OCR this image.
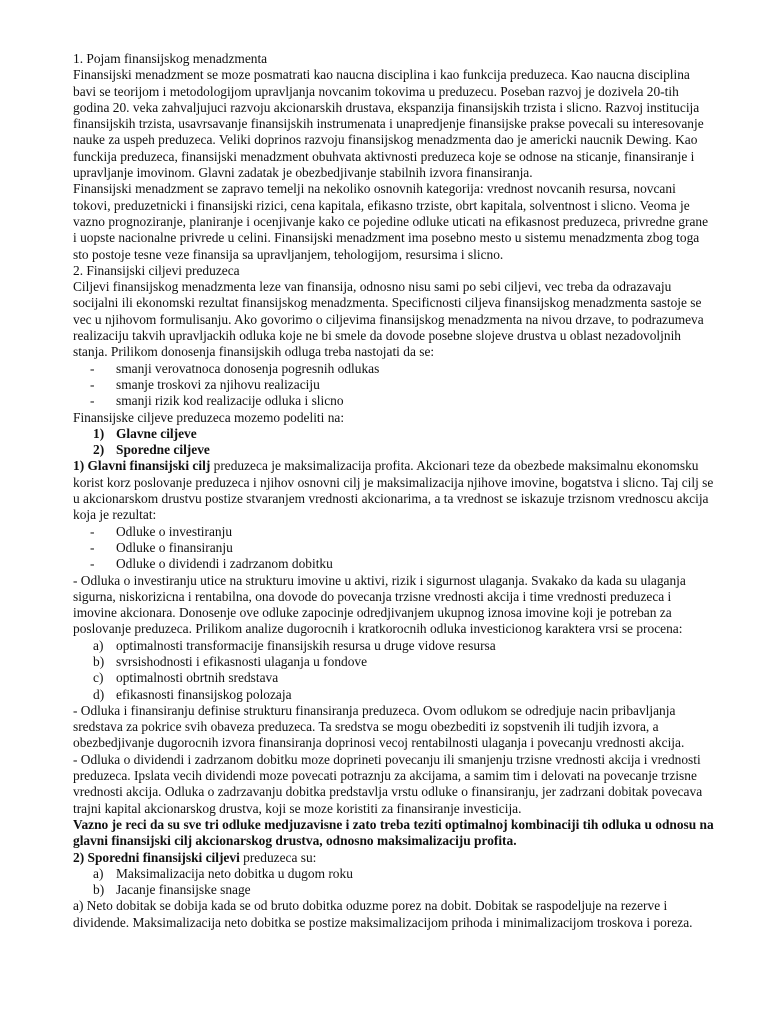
1. Pojam finansijskog menadzmenta

Finansijski menadzment se moze posmatrati kao naucna disciplina i kao funkcija preduzeca. Kao naucna disciplina bavi se teorijom i metodologijom upravljanja novcanim tokovima u preduzecu. Poseban razvoj je dozivela 20-tih godina 20. veka zahvaljujuci razvoju akcionarskih drustava, ekspanzija finansijskih trzista i slicno. Razvoj institucija finansijskih trzista, usavrsavanje finansijskih instrumenata i unapredjenje finansijske prakse povecali su interesovanje nauke za uspeh preduzeca. Veliki doprinos razvoju finansijskog menadzmenta dao je americki naucnik Dewing. Kao funckija preduzeca, finansijski menadzment obuhvata aktivnosti preduzeca koje se odnose na sticanje, finansiranje i upravljanje imovinom. Glavni zadatak je obezbedjivanje stabilnih izvora finansiranja.

Finansijski menadzment se zapravo temelji na nekoliko osnovnih kategorija: vrednost novcanih resursa, novcani tokovi, preduzetnicki i finansijski rizici, cena kapitala, efikasno trziste, obrt kapitala, solventnost i slicno. Veoma je vazno prognoziranje, planiranje i ocenjivanje kako ce pojedine odluke uticati na efikasnost preduzeca, privredne grane i uopste nacionalne privrede u celini. Finansijski menadzment ima posebno mesto u sistemu menadzmenta zbog toga sto postoje tesne veze finansija sa upravljanjem, tehologijom, resursima i slicno.

2. Finansijski ciljevi preduzeca

Ciljevi finansijskog menadzmenta leze van finansija, odnosno nisu sami po sebi ciljevi, vec treba da odrazavaju socijalni ili ekonomski rezultat finansijskog menadzmenta. Specificnosti ciljeva finansijskog menadzmenta sastoje se vec u njihovom formulisanju. Ako govorimo o ciljevima finansijskog menadzmenta na nivou drzave, to podrazumeva realizaciju takvih upravljackih odluka koje ne bi smele da dovode posebne slojeve drustva u oblast nezadovoljnih stanja. Prilikom donosenja finansijskih odluga treba nastojati da se:

- smanji verovatnoca donosenja pogresnih odlukas
- smanje troskovi za njihovu realizaciju
- smanji rizik kod realizacije odluka i slicno

Finansijske ciljeve preduzeca mozemo podeliti na:

1) Glavne ciljeve
2) Sporedne ciljeve

1) Glavni finansijski cilj preduzeca je maksimalizacija profita. Akcionari teze da obezbede maksimalnu ekonomsku korist korz poslovanje preduzeca i njihov osnovni cilj je maksimalizacija njihove imovine, bogatstva i slicno. Taj cilj se u akcionarskom drustvu postize stvaranjem vrednosti akcionarima, a ta vrednost se iskazuje trzisnom vrednoscu akcija koja je rezultat:

- Odluke o investiranju
- Odluke o finansiranju
- Odluke o dividendi i zadrzanom dobitku

- Odluka o investiranju utice na strukturu imovine u aktivi, rizik i sigurnost ulaganja. Svakako da kada su ulaganja sigurna, niskorizicna i rentabilna, ona dovode do povecanja trzisne vrednosti akcija i time vrednosti preduzeca i imovine akcionara. Donosenje ove odluke zapocinje odredjivanjem ukupnog iznosa imovine koji je potreban za poslovanje preduzeca. Prilikom analize dugorocnih i kratkorocnih odluka investicionog karaktera vrsi se procena:

a) optimalnosti transformacije finansijskih resursa u druge vidove resursa
b) svrsishodnosti i efikasnosti ulaganja u fondove
c) optimalnosti obrtnih sredstava
d) efikasnosti finansijskog polozaja

- Odluka i finansiranju definise strukturu finansiranja preduzeca. Ovom odlukom se odredjuje nacin pribavljanja sredstava za pokrice svih obaveza preduzeca. Ta sredstva se mogu obezbediti iz sopstvenih ili tudjih izvora, a obezbedjivanje dugorocnih izvora finansiranja doprinosi vecoj rentabilnosti ulaganja i povecanju vrednosti akcija.

- Odluka o dividendi i zadrzanom dobitku moze doprineti povecanju ili smanjenju trzisne vrednosti akcija i vrednosti preduzeca. Ipslata vecih dividendi moze povecati potraznju za akcijama, a samim tim i delovati na povecanje trzisne vrednosti akcija. Odluka o zadrzavanju dobitka predstavlja vrstu odluke o finansiranju, jer zadrzani dobitak povecava trajni kapital akcionarskog drustva, koji se moze koristiti za finansiranje investicija.

Vazno je reci da su sve tri odluke medjuzavisne i zato treba teziti optimalnoj kombinaciji tih odluka u odnosu na glavni finansijski cilj akcionarskog drustva, odnosno maksimalizaciju profita.

2) Sporedni finansijski ciljevi preduzeca su:

a) Maksimalizacija neto dobitka u dugom roku
b) Jacanje finansijske snage

a) Neto dobitak se dobija kada se od bruto dobitka oduzme porez na dobit. Dobitak se raspodeljuje na rezerve i dividende. Maksimalizacija neto dobitka se postize maksimalizacijom prihoda i minimalizacijom troskova i poreza.
